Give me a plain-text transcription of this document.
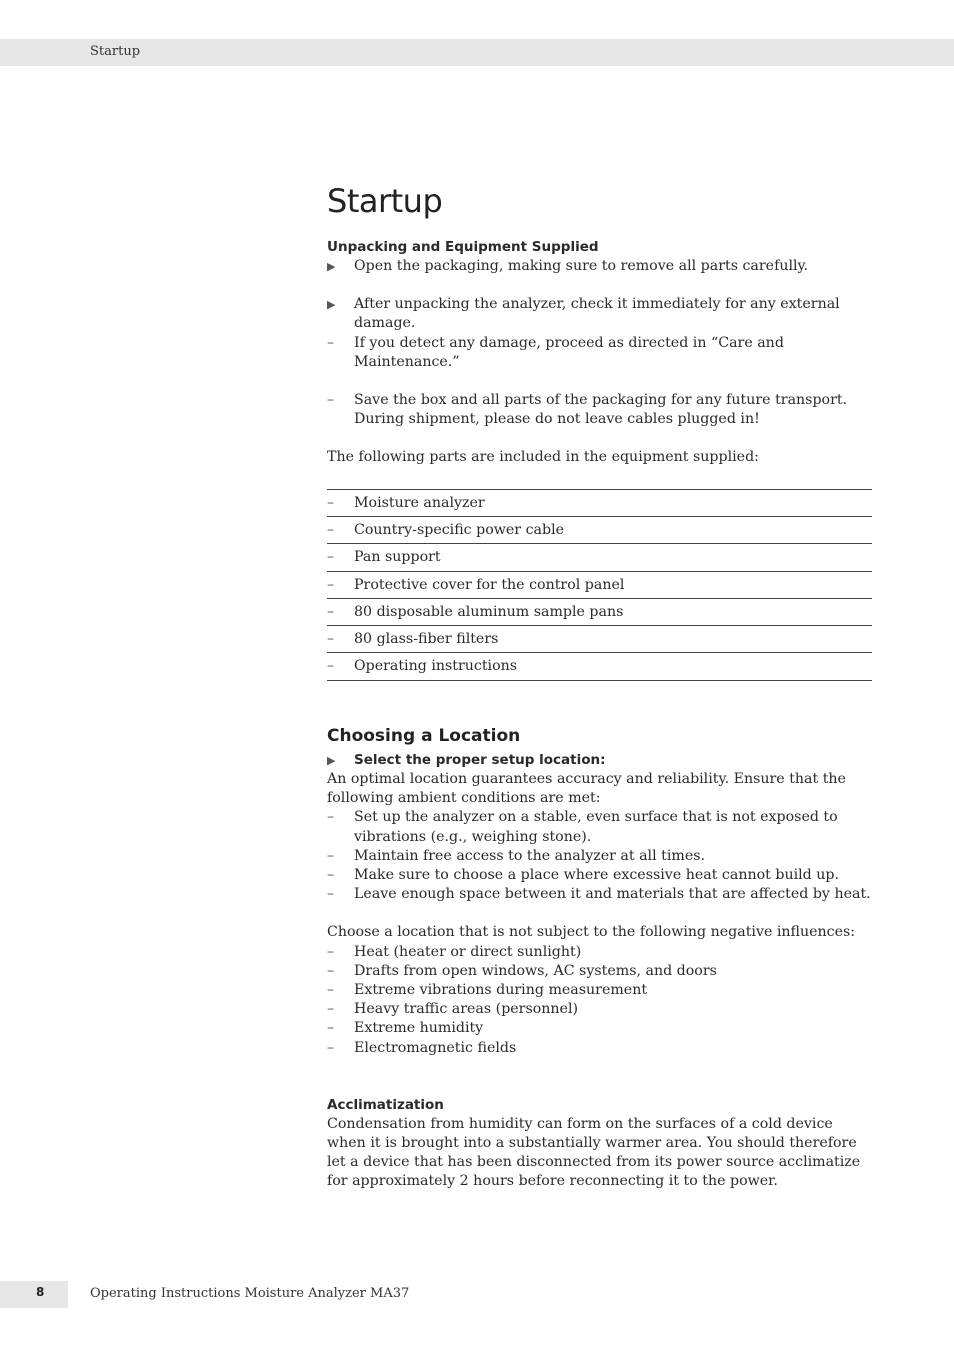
Startup
Startup
Unpacking and Equipment Supplied
▶	Open the packaging, making sure to remove all parts carefully.
▶	After unpacking the analyzer, check it immediately for any external damage.
–	If you detect any damage, proceed as directed in “Care and Maintenance.”
–	Save the box and all parts of the packaging for any future transport. During shipment, please do not leave cables plugged in!
The following parts are included in the equipment supplied:
–	Moisture analyzer
–	Country-specific power cable
–	Pan support
–	Protective cover for the control panel
–	80 disposable aluminum sample pans
–	80 glass-fiber filters
–	Operating instructions
Choosing a Location
▶	Select the proper setup location:
An optimal location guarantees accuracy and reliability. Ensure that the following ambient conditions are met:
–	Set up the analyzer on a stable, even surface that is not exposed to vibrations (e.g., weighing stone).
–	Maintain free access to the analyzer at all times.
–	Make sure to choose a place where excessive heat cannot build up.
–	Leave enough space between it and materials that are affected by heat.
Choose a location that is not subject to the following negative influences:
–	Heat (heater or direct sunlight)
–	Drafts from open windows, AC systems, and doors
–	Extreme vibrations during measurement
–	Heavy traffic areas (personnel)
–	Extreme humidity
–	Electromagnetic fields
Acclimatization
Condensation from humidity can form on the surfaces of a cold device when it is brought into a substantially warmer area. You should therefore let a device that has been disconnected from its power source acclimatize for approximately 2 hours before reconnecting it to the power.
8	Operating Instructions Moisture Analyzer MA37
